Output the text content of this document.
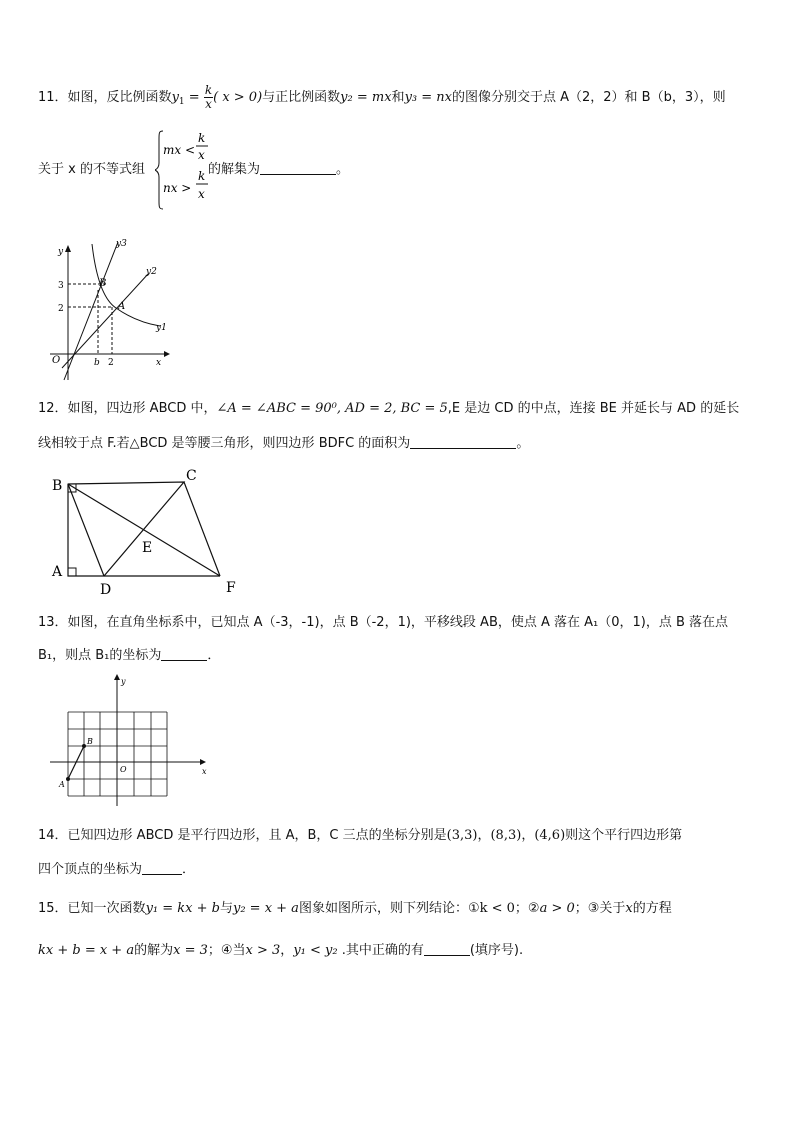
11．如图，反比例函数$y_1 = \frac{k}{x}$ ( x > 0)与正比例函数y₂ = mx和y₃ = nx的图像分别交于点 A（2，2）和 B（b，3），则
关于 x 的不等式组
mx <
k
x
nx >
k
x
的解集为	。
y
y3
y2
y1
3
2
B
A
O	b 2	x
12．如图，四边形 ABCD 中，∠A = ∠ABC = 90⁰, AD = 2, BC = 5,E 是边 CD 的中点，连接 BE 并延长与 AD 的延长
线相较于点 F.若△BCD 是等腰三角形，则四边形 BDFC 的面积为	。
B
C
E
A
D	F
13．如图，在直角坐标系中，已知点 A（-3，-1)，点 B（-2，1)，平移线段 AB，使点 A 落在 A₁（0，1)，点 B 落在点
B₁，则点 B₁的坐标为	．
y
B
O
A
x
14．已知四边形 ABCD 是平行四边形，且 A，B，C 三点的坐标分别是(3,3)，(8,3)，(4,6)则这个平行四边形第
四个顶点的坐标为	．
15．已知一次函数y₁ = kx + b与y₂ = x + a图象如图所示，则下列结论：①k < 0；②a > 0；③关于x的方程
kx + b = x + a的解为x = 3；④当x > 3，y₁ < y₂ .其中正确的有	(填序号).
